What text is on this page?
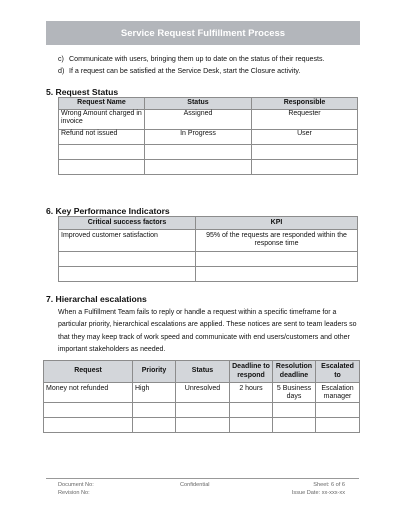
Service Request Fulfillment Process
c) Communicate with users, bringing them up to date on the status of their requests.
d) If a request can be satisfied at the Service Desk, start the Closure activity.
5. Request Status
Request Name	Status	Responsible
Wrong Amount charged in invoice	Assigned	Requester
Refund not issued	In Progress	User

6. Key Performance Indicators
Critical success factors	KPI
Improved customer satisfaction	95% of the requests are responded within the response time

7. Hierarchal escalations
When a Fulfillment Team fails to reply or handle a request within a specific timeframe for a particular priority, hierarchical escalations are applied. These notices are sent to team leaders so that they may keep track of work speed and communicate with end users/customers and other important stakeholders as needed.
Request	Priority	Status	Deadline to respond	Resolution deadline	Escalated to
Money not refunded	High	Unresolved	2 hours	5 Business days	Escalation manager

Document No:
Revision No:
Confidential	Sheet: 6 of 6
Issue Date: xx-xxx-xx
